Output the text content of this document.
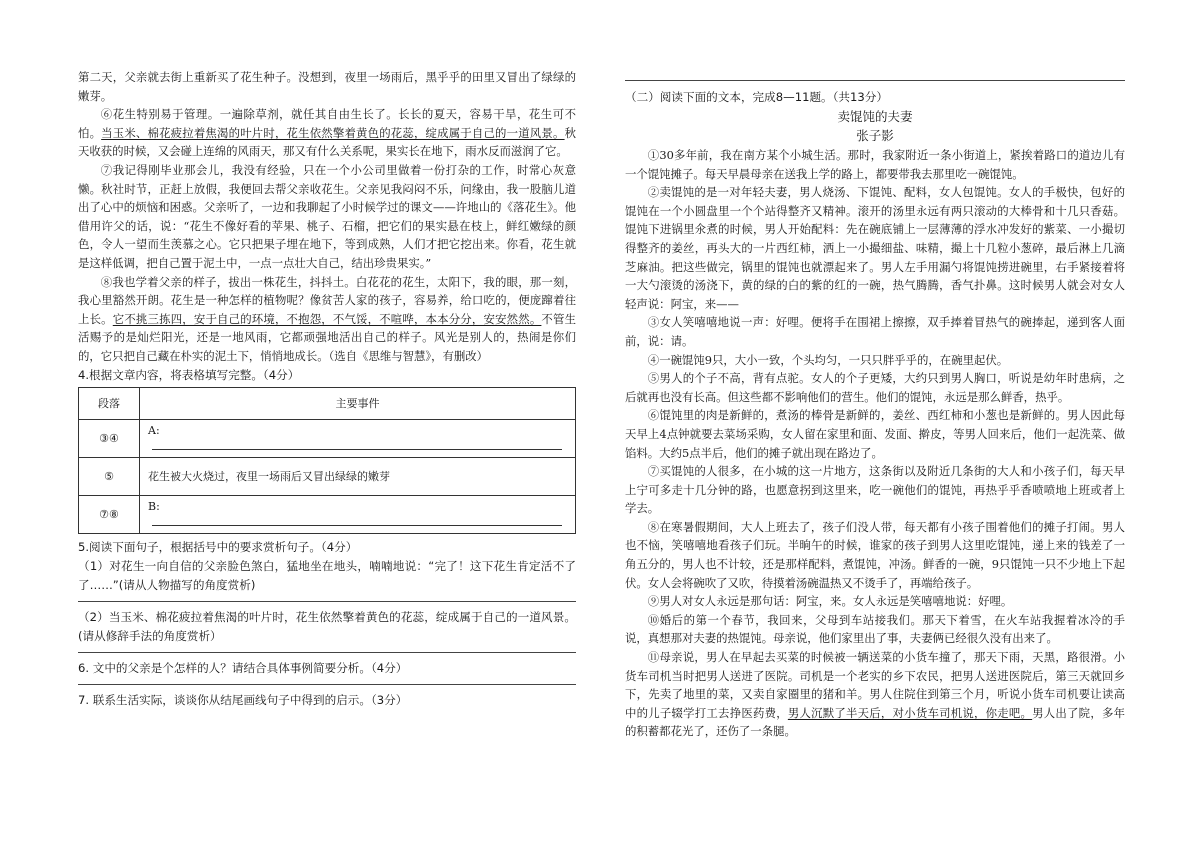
第二天，父亲就去街上重新买了花生种子。没想到，夜里一场雨后，黑乎乎的田里又冒出了绿绿的嫩芽。

⑥花生特别易于管理。一遍除草剂，就任其自由生长了。长长的夏天，容易干旱，花生可不怕。当玉米、棉花疲拉着焦渴的叶片时，花生依然擎着黄色的花蕊，绽成属于自己的一道风景。秋天收获的时候，又会碰上连绵的风雨天，那又有什么关系呢，果实长在地下，雨水反而滋润了它。

⑦我记得刚毕业那会儿，我没有经验，只在一个小公司里做着一份打杂的工作，时常心灰意懒。秋社时节，正赶上放假，我便回去帮父亲收花生。父亲见我闷闷不乐，问缘由，我一股脑儿道出了心中的烦恼和困惑。父亲听了，一边和我聊起了小时候学过的课文——许地山的《落花生》。他借用许父的话，说：“花生不像好看的苹果、桃子、石榴，把它们的果实悬在枝上，鲜红嫩绿的颜色，令人一望而生羡慕之心。它只把果子埋在地下，等到成熟，人们才把它挖出来。你看，花生就是这样低调，把自己置于泥土中，一点一点壮大自己，结出珍贵果实。”

⑧我也学着父亲的样子，拔出一株花生，抖抖土。白花花的花生，太阳下，我的眼，那一刻，我心里豁然开朗。花生是一种怎样的植物呢？像贫苦人家的孩子，容易养，给口吃的，便庞蹿着往上长。它不挑三拣四，安于自己的环境，不抱怨，不气馁，不喧哗，本本分分，安安然然。不管生活赐予的是灿烂阳光，还是一地风雨，它都顽强地活出自己的样子。风光是别人的，热闹是你们的，它只把自己藏在朴实的泥土下，悄悄地成长。（选自《思维与智慧》，有删改）

4.根据文章内容，将表格填写完整。（4分）

段落	主要事件
③④	A:
⑤	花生被大火烧过，夜里一场雨后又冒出绿绿的嫩芽
⑦⑧	B:

5.阅读下面句子，根据括号中的要求赏析句子。（4分）

（1）对花生一向自信的父亲脸色煞白，猛地坐在地头，喃喃地说：“完了！这下花生肯定活不了了……”(请从人物描写的角度赏析)

（2）当玉米、棉花疲拉着焦渴的叶片时，花生依然擎着黄色的花蕊，绽成属于自己的一道风景。(请从修辞手法的角度赏析）

6. 文中的父亲是个怎样的人？请结合具体事例简要分析。（4分）

7. 联系生活实际，谈谈你从结尾画线句子中得到的启示。（3分）

（二）阅读下面的文本，完成8—11题。（共13分）

卖馄饨的夫妻
张子影

①30多年前，我在南方某个小城生活。那时，我家附近一条小街道上，紧挨着路口的道边儿有一个馄饨摊子。每天早晨母亲在送我上学的路上，都要带我去那里吃一碗馄饨。

②卖馄饨的是一对年轻夫妻，男人烧汤、下馄饨、配料，女人包馄饨。女人的手极快，包好的馄饨在一个小圆盘里一个个站得整齐又精神。滚开的汤里永远有两只滚动的大棒骨和十几只香菇。馄饨下进锅里氽煮的时候，男人开始配料：先在碗底铺上一层薄薄的浮水冲发好的紫菜、一小撮切得整齐的姜丝，再头大的一片西红柿，洒上一小撮细盐、味精，撮上十几粒小葱碎，最后淋上几滴芝麻油。把这些做完，锅里的馄饨也就漂起来了。男人左手用漏勺将馄饨捞进碗里，右手紧接着将一大勺滚烫的汤浇下，黄的绿的白的紫的红的一碗，热气腾腾，香气扑鼻。这时候男人就会对女人轻声说：阿宝，来——

③女人笑嘻嘻地说一声：好哩。便将手在围裙上擦擦，双手捧着冒热气的碗捧起，递到客人面前，说：请。

④一碗馄饨9只，大小一致，个头均匀，一只只胖乎乎的，在碗里起伏。

⑤男人的个子不高，背有点驼。女人的个子更矮，大约只到男人胸口，听说是幼年时患病，之后就再也没有长高。但这些都不影响他们的营生。他们的馄饨，永远是那么鲜香，热乎。

⑥馄饨里的肉是新鲜的，煮汤的棒骨是新鲜的，姜丝、西红柿和小葱也是新鲜的。男人因此每天早上4点钟就要去菜场采购，女人留在家里和面、发面、擀皮，等男人回来后，他们一起洗菜、做馅料。大约5点半后，他们的摊子就出现在路边了。

⑦买馄饨的人很多，在小城的这一片地方，这条街以及附近几条街的大人和小孩子们，每天早上宁可多走十几分钟的路，也愿意拐到这里来，吃一碗他们的馄饨，再热乎乎香喷喷地上班或者上学去。

⑧在寒暑假期间，大人上班去了，孩子们没人带，每天都有小孩子围着他们的摊子打闹。男人也不恼，笑嘻嘻地看孩子们玩。半晌午的时候，谁家的孩子到男人这里吃馄饨，递上来的钱差了一角五分的，男人也不计较，还是那样配料，煮馄饨，冲汤。鲜香的一碗，9只馄饨一只不少地上下起伏。女人会将碗吹了又吹，待摸着汤碗温热又不烫手了，再端给孩子。

⑨男人对女人永远是那句话：阿宝，来。女人永远是笑嘻嘻地说：好哩。

⑩婚后的第一个春节，我回来，父母到车站接我们。那天下着雪，在火车站我握着冰冷的手说，真想那对夫妻的热馄饨。母亲说，他们家里出了事，夫妻俩已经很久没有出来了。

⑪母亲说，男人在早起去买菜的时候被一辆送菜的小货车撞了，那天下雨，天黑，路很滑。小货车司机当时把男人送进了医院。司机是一个老实的乡下农民，把男人送进医院后，第三天就回乡下，先卖了地里的菜，又卖自家圈里的猪和羊。男人住院住到第三个月，听说小货车司机要让读高中的儿子辍学打工去挣医药费，男人沉默了半天后，对小货车司机说，你走吧。男人出了院，多年的积蓄都花光了，还伤了一条腿。
